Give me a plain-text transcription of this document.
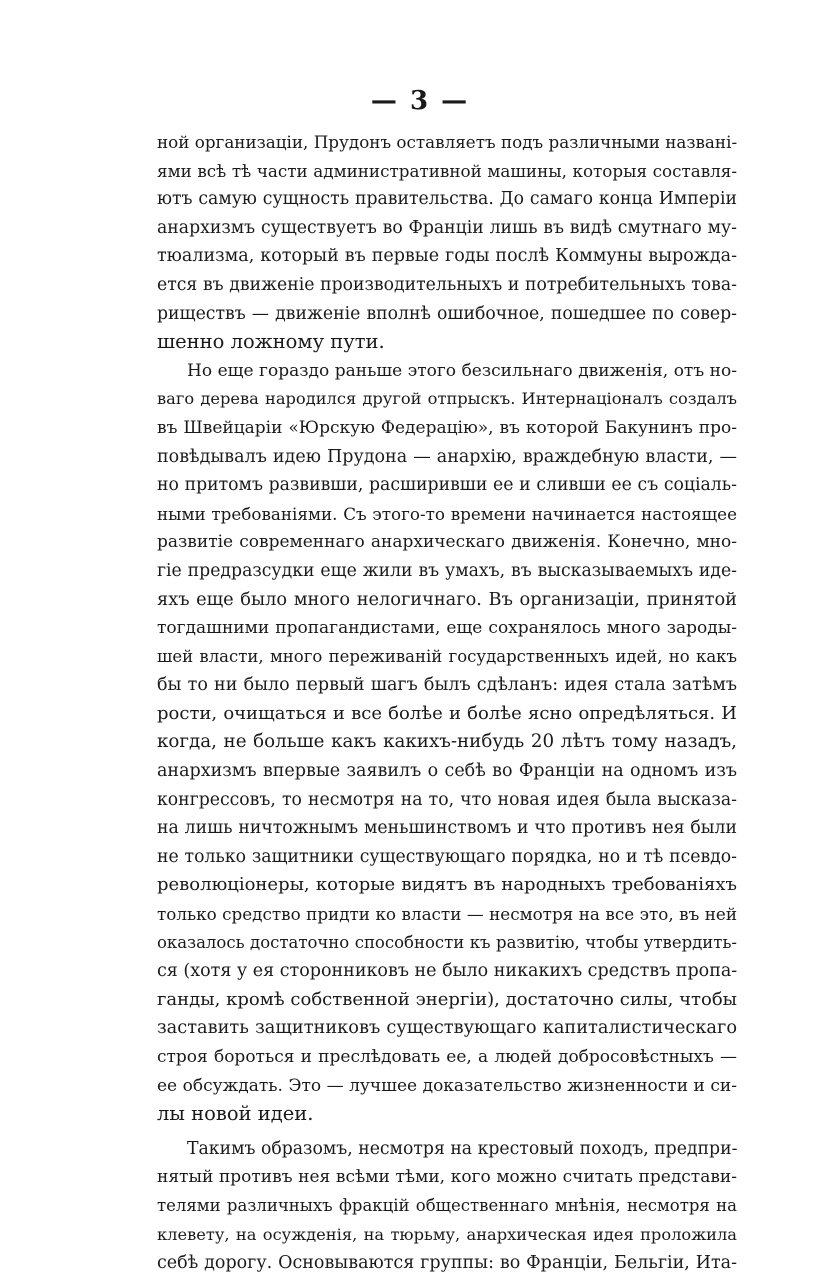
— 3 —
ной организаціи, Прудонъ оставляетъ подъ различными названі-
ями всѣ тѣ части административной машины, которыя составля-
ютъ самую сущность правительства. До самаго конца Имперіи
анархизмъ существуетъ во Франціи лишь въ видѣ смутнаго му-
тюализма, который въ первые годы послѣ Коммуны вырожда-
ется въ движеніе производительныхъ и потребительныхъ това-
риществъ — движеніе вполнѣ ошибочное, пошедшее по совер-
шенно ложному пути.
Но еще гораздо раньше этого безсильнаго движенія, отъ но-
ваго дерева народился другой отпрыскъ. Интернаціоналъ создалъ
въ Швейцаріи «Юрскую Федерацію», въ которой Бакунинъ про-
повѣдывалъ идею Прудона — анархію, враждебную власти, —
но притомъ развивши, расширивши ее и сливши ее съ соціаль-
ными требованіями. Съ этого-то времени начинается настоящее
развитіе современнаго анархическаго движенія. Конечно, мно-
гіе предразсудки еще жили въ умахъ, въ высказываемыхъ иде-
яхъ еще было много нелогичнаго. Въ организаціи, принятой
тогдашними пропагандистами, еще сохранялось много зароды-
шей власти, много переживаній государственныхъ идей, но какъ
бы то ни было первый шагъ былъ сдѣланъ: идея стала затѣмъ
рости, очищаться и все болѣе и болѣе ясно опредѣляться. И
когда, не больше какъ какихъ-нибудь 20 лѣтъ тому назадъ,
анархизмъ впервые заявилъ о себѣ во Франціи на одномъ изъ
конгрессовъ, то несмотря на то, что новая идея была высказа-
на лишь ничтожнымъ меньшинствомъ и что противъ нея были
не только защитники существующаго порядка, но и тѣ псевдо-
революціонеры, которые видятъ въ народныхъ требованіяхъ
только средство придти ко власти — несмотря на все это, въ ней
оказалось достаточно способности къ развитію, чтобы утвердить-
ся (хотя у ея сторонниковъ не было никакихъ средствъ пропа-
ганды, кромѣ собственной энергіи), достаточно силы, чтобы
заставить защитниковъ существующаго капиталистическаго
строя бороться и преслѣдовать ее, а людей добросовѣстныхъ —
ее обсуждать. Это — лучшее доказательство жизненности и си-
лы новой идеи.
Такимъ образомъ, несмотря на крестовый походъ, предпри-
нятый противъ нея всѣми тѣми, кого можно считать представи-
телями различныхъ фракцій общественнаго мнѣнія, несмотря на
клевету, на осужденія, на тюрьму, анархическая идея проложила
себѣ дорогу. Основываются группы: во Франціи, Бельгіи, Ита-
